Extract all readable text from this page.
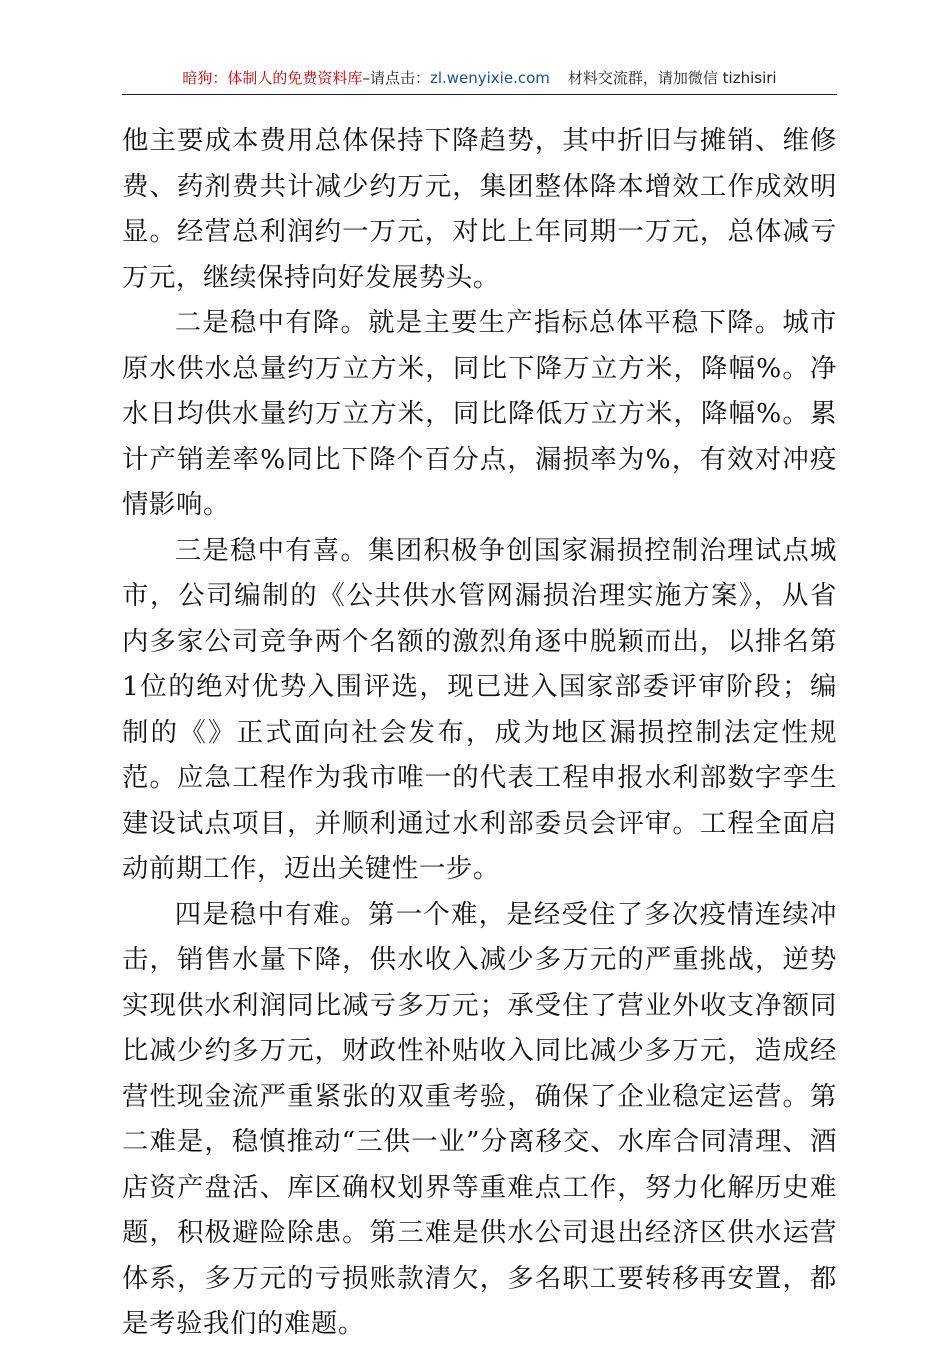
暗狗：体制人的免费资料库–请点击：zl.wenyixie.com 材料交流群，请加微信 tizhisiri

他主要成本费用总体保持下降趋势，其中折旧与摊销、维修费、药剂费共计减少约万元，集团整体降本增效工作成效明显。经营总利润约一万元，对比上年同期一万元，总体减亏万元，继续保持向好发展势头。

二是稳中有降。就是主要生产指标总体平稳下降。城市原水供水总量约万立方米，同比下降万立方米，降幅%。净水日均供水量约万立方米，同比降低万立方米，降幅%。累计产销差率%同比下降个百分点，漏损率为%，有效对冲疫情影响。

三是稳中有喜。集团积极争创国家漏损控制治理试点城市，公司编制的《公共供水管网漏损治理实施方案》，从省内多家公司竞争两个名额的激烈角逐中脱颖而出，以排名第1位的绝对优势入围评选，现已进入国家部委评审阶段；编制的《》正式面向社会发布，成为地区漏损控制法定性规范。应急工程作为我市唯一的代表工程申报水利部数字孪生建设试点项目，并顺利通过水利部委员会评审。工程全面启动前期工作，迈出关键性一步。

四是稳中有难。第一个难，是经受住了多次疫情连续冲击，销售水量下降，供水收入减少多万元的严重挑战，逆势实现供水利润同比减亏多万元；承受住了营业外收支净额同比减少约多万元，财政性补贴收入同比减少多万元，造成经营性现金流严重紧张的双重考验，确保了企业稳定运营。第二难是，稳慎推动“三供一业”分离移交、水库合同清理、酒店资产盘活、库区确权划界等重难点工作，努力化解历史难题，积极避险除患。第三难是供水公司退出经济区供水运营体系，多万元的亏损账款清欠，多名职工要转移再安置，都是考验我们的难题。
